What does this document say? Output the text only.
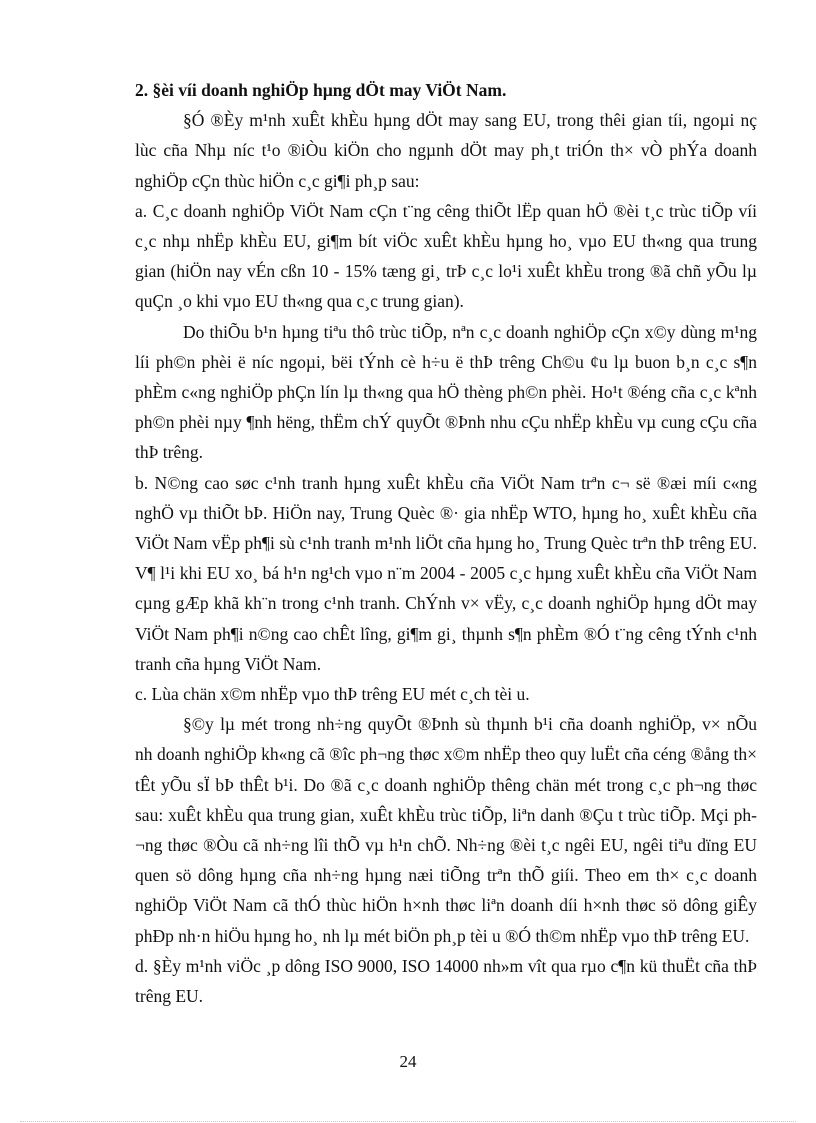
2. §èi víi doanh nghiÖp hµng dÖt may ViÖt Nam.

§Ó ®Èy m¹nh xuÊt khÈu hµng dÖt may sang EU, trong thêi gian tíi, ngoµi nç lùc cña Nhµ níc t¹o ®iÒu kiÖn cho ngµnh dÖt may ph¸t triÓn th× vÒ phÝa doanh nghiÖp cÇn thùc hiÖn c¸c gi¶i ph¸p sau:

a. C¸c doanh nghiÖp ViÖt Nam cÇn t¨ng cêng thiÕt lËp quan hÖ ®èi t¸c trùc tiÕp víi c¸c nhµ nhËp khÈu EU, gi¶m bít viÖc xuÊt khÈu hµng ho¸ vµo EU th«ng qua trung gian (hiÖn nay vÉn cßn 10 - 15% tæng gi¸ trÞ c¸c lo¹i xuÊt khÈu trong ®ã chñ yÕu lµ quÇn ¸o khi vµo EU th«ng qua c¸c trung gian).

Do thiÕu b¹n hµng tiªu thô trùc tiÕp, nªn c¸c doanh nghiÖp cÇn x©y dùng m¹ng líi ph©n phèi ë níc ngoµi, bëi tÝnh cè h÷u ë thÞ trêng Ch©u ¢u lµ buon b¸n c¸c s¶n phÈm c«ng nghiÖp phÇn lín lµ th«ng qua hÖ thèng ph©n phèi. Ho¹t ®éng cña c¸c kªnh ph©n phèi nµy ¶nh hëng, thËm chÝ quyÕt ®Þnh nhu cÇu nhËp khÈu vµ cung cÇu cña thÞ trêng.

b. N©ng cao søc c¹nh tranh hµng xuÊt khÈu cña ViÖt Nam trªn c¬ së ®æi míi c«ng nghÖ vµ thiÕt bÞ. HiÖn nay, Trung Quèc ®· gia nhËp WTO, hµng ho¸ xuÊt khÈu cña ViÖt Nam vËp ph¶i sù c¹nh tranh m¹nh liÖt cña hµng ho¸ Trung Quèc trªn thÞ trêng EU. V¶ l¹i khi EU xo¸ bá h¹n ng¹ch vµo n¨m 2004 - 2005 c¸c hµng xuÊt khÈu cña ViÖt Nam cµng gÆp khã kh¨n trong c¹nh tranh. ChÝnh v× vËy, c¸c doanh nghiÖp hµng dÖt may ViÖt Nam ph¶i n©ng cao chÊt lîng, gi¶m gi¸ thµnh s¶n phÈm ®Ó t¨ng cêng tÝnh c¹nh tranh cña hµng ViÖt Nam.

c. Lùa chän x©m nhËp vµo thÞ trêng EU mét c¸ch tèi u.

§©y lµ mét trong nh÷ng quyÕt ®Þnh sù thµnh b¹i cña doanh nghiÖp, v× nÕu nh doanh nghiÖp kh«ng cã ®îc ph¬ng thøc x©m nhËp theo quy luËt cña céng ®ång th× tÊt yÕu sÏ bÞ thÊt b¹i. Do ®ã c¸c doanh nghiÖp thêng chän mét trong c¸c ph¬ng thøc sau: xuÊt khÈu qua trung gian, xuÊt khÈu trùc tiÕp, liªn danh ®Çu t trùc tiÕp. Mçi ph¬ng thøc ®Òu cã nh÷ng lîi thÕ vµ h¹n chÕ. Nh÷ng ®èi t¸c ngêi EU, ngêi tiªu dïng EU quen sö dông hµng cña nh÷ng hµng næi tiÕng trªn thÕ giíi. Theo em th× c¸c doanh nghiÖp ViÖt Nam cã thÓ thùc hiÖn h×nh thøc liªn doanh díi h×nh thøc sö dông giÊy phÐp nh·n hiÖu hµng ho¸ nh lµ mét biÖn ph¸p tèi u ®Ó th©m nhËp vµo thÞ trêng EU.

d. §Èy m¹nh viÖc ¸p dông ISO 9000, ISO 14000 nh»m vît qua rµo c¶n kü thuËt cña thÞ trêng EU.

24
